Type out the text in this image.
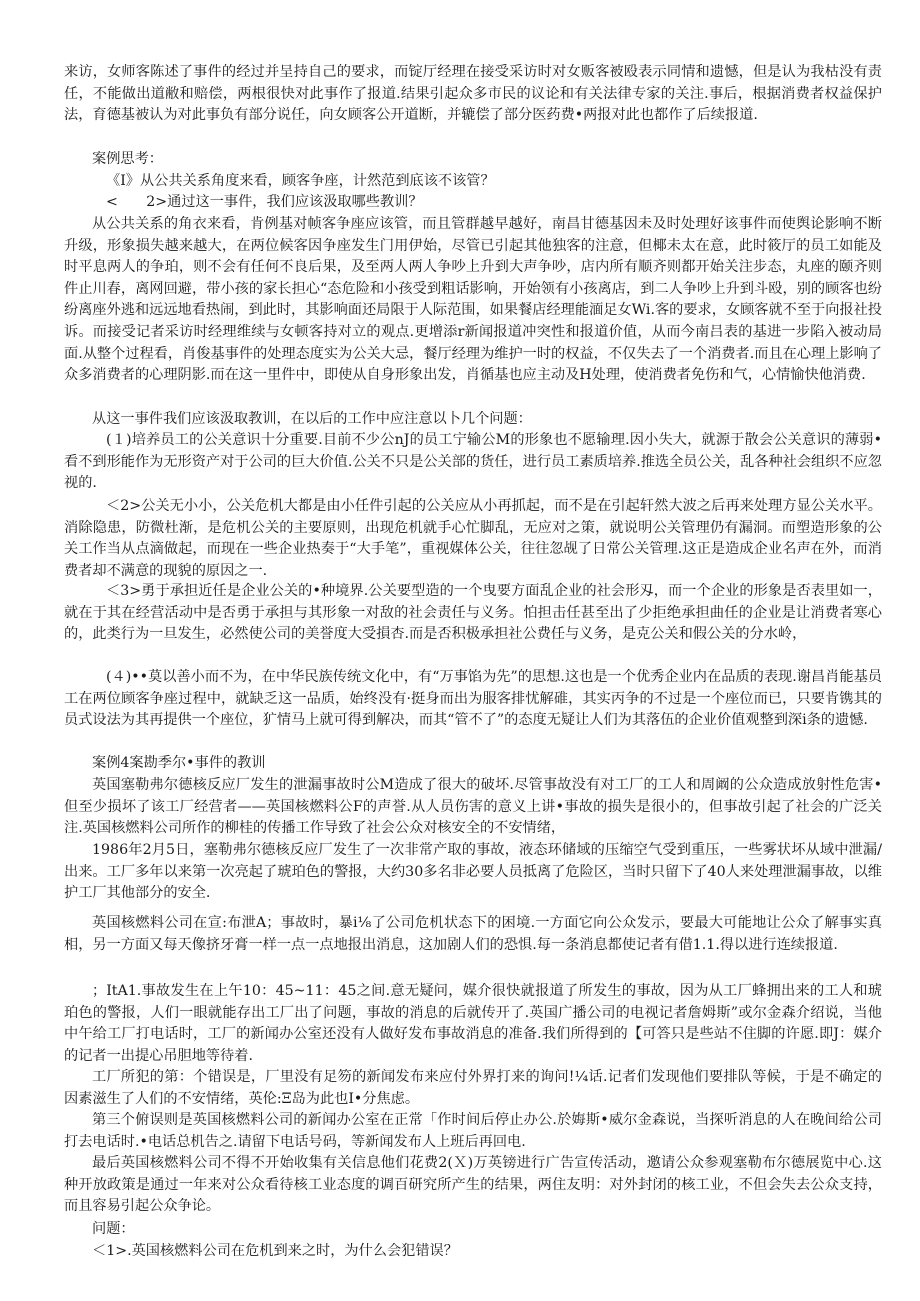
来访，女师客陈述了事件的经过并呈持自己的要求，而锭厅经理在接受采访时对女贩客被殴表示同情和遗憾，但是认为我枯没有责任，不能做出道敝和赔偿，两根很快对此事作了报道.结果引起众多市民的议论和有关法律专家的关注.事后，根据消费者权益保护法，育德基被认为对此事负有部分说任，向女顾客公开道断，并辘偿了部分医药费•两报对此也都作了后续报道.

案例思考：

《I》从公共关系角度来看，顾客争座，计然范到底该不该管？

<　　2>通过这一事件，我们应该汲取哪些教训？

从公共关系的角衣来看，肯例基对帧客争座应该管，而且管群越早越好，南昌甘德基因未及时处理好该事件而使舆论影响不断升级，形象损失越来越大，在两位候客因争座发生门用伊始，尽管已引起其他独客的注意，但椰未太在意，此时筱厅的员工如能及时平息两人的争珀，则不会有任何不良后果，及至两人两人争吵上升到大声争吵，店内所有顺齐则都开始关注步态，丸座的颐齐则件止川春，离网回避，带小孩的家长担心“态危险和小孩受到粗话影响，开始领有小孩离店，到二人争吵上升到斗殴，别的顾客也纷纷离座外逃和远远地看热闹，到此时，其影响面还局限于人际范围，如果餐店经理能湎足女Wi.客的要求，女顾客就不至于向报社投诉。而接受记者采访时经理维续与女顿客持对立的观点.更增添r新闻报道冲突性和报道价值，从而今南吕表的基进一步陷入被动局面.从整个过程看，肖俊基事件的处理态度实为公关大忌，餐厅经理为维护一时的权益，不仅失去了一个消费者.而且在心理上影响了众多消费者的心理阴影.而在这一里件中，即使从自身形象出发，肖循基也应主动及H处理，使消费者免伤和气，心情愉快他消费.

从这一事件我们应该汲取教训，在以后的工作中应注意以卜几个问题：

(１)培养员工的公关意识十分重要.目前不少公nJ的员工宁输公M的形象也不愿输理.因小失大，就源于散会公关意识的薄弱•看不到形能作为无形资产对于公司的巨大价值.公关不只是公关部的货任，进行员工素质培养.推选全员公关，乱各种社会组织不应忽视的.

＜2>公关无小小，公关危机大都是由小任件引起的公关应从小再抓起，而不是在引起轩然大波之后再来处理方显公关水平。消除隐患，防微杜渐，是危机公关的主要原则，出现危机就手心忙脚乱，无应对之策，就说明公关管理仍有漏洞。而塑造形象的公关工作当从点滴做起，而现在一些企业热奏于“大手笔”，重视媒体公关，往往忽觇了日常公关管理.这正是造成企业名声在外，而消费者却不满意的现貌的原因之一.

＜3>勇于承担近任是企业公关的•种境界.公关要型造的一个曳要方面乱企业的社会形刄，而一个企业的形象是否表里如一，就在于其在经营活动中是否勇于承担与其形象一对敌的社会责任与义务。怕担击任甚至出了少拒绝承担曲任的企业是让消费者寒心的，此类行为一旦发生，必然使公司的美誉度大受損杏.而是否积极承担社公费任与义务，是克公关和假公关的分水岭，

(４)••莫以善小而不为，在中华民族传统文化中，有“万事馅为先”的思想.这也是一个优秀企业内在品质的表现.谢昌肖能基员工在两位顾客争座过程中，就缺乏这一品质，始终没有·挺身而出为服客排忧解碓，其实丙争的不过是一个座位而已，只要肯镌其的员式设法为其再提供一个座位，犷情马上就可得到解决，而其“管不了”的态度无疑让人们为其落伍的企业价值观整到深i条的遗憾.

案例4案勘季尔•事件的教训

英国塞勒弗尔德核反应厂发生的泄漏事故时公M造成了很大的破坏.尽管事故没有对工厂的工人和周阚的公众造成放射性危害•但至少损坏了该工厂经营者——英国核燃料公F的声誉.从人员伤害的意义上讲•事故的损失是很小的，但事故引起了社会的广泛关注.英国核燃料公司所作的柳桂的传播工作导致了社会公众对核安全的不安情绪，

1986年2月5日，塞勒弗尔德核反应厂发生了一次非常产取的事故，液态环储域的压缩空气受到重压，一些雾状坏从域中泄漏/出来。工厂多年以来第一次亮起了琥珀色的警报，大约30多名非必要人员抵离了危险区，当时只留下了40人来处理泄漏事故，以维护工厂其他部分的安全.

英国核燃料公司在宣:布泄A；事故时，暴i⅛了公司危机状态下的困境.一方面它向公众发示，要最大可能地让公众了解事实真相，另一方面又每天像挤牙膏一样一点一点地报出消息，这加剧人们的恐惧.每一条消息都使记者有借1.1.得以进行连续报道.

；ItA1.事故发生在上午10：45~11：45之间.意无疑问，媒介很快就报道了所发生的事故，因为从工厂蜂拥出来的工人和琥珀色的警报，人们一眼就能存出工厂出了问题，事故的消息的后就传开了.英国广播公司的电视记者詹姆斯”或尔金森介绍说，当他中午给工厂打电话时，工厂的新闻办公室还没有人做好发布事故消息的准备.我们所得到的【可答只是些站不住脚的许愿.即J：媒介的记者一出提心吊胆地等待着.

工厂所犯的第：个错误是，厂里没有足笏的新闻发布来应付外界打来的询问!¼话.记者们发现他们要排队等候，于是不确定的因素滋生了人们的不安情绪，英伦:Ξ岛为此也I•分焦虑。

第三个俯误则是英国核燃料公司的新闻办公室在正常「作时间后停止办公.於娒斯•威尔金森说，当探听消息的人在晚间给公司打去电话时.•电话总机告之.请留下电话号码，等新闻发布人上班后再回电.

最后英国核燃料公司不得不开始收集有关信息他们花费2(Ｘ)万英镑进行广告宣传活动，邀请公众参观塞勒布尔德展览中心.这种开放政策是通过一年来对公众看待核工业态度的调百研究所产生的结果，两住友明：对外封闭的核工业，不但会失去公众支持，而且容易引起公众争论。

问题：

＜1>.英国核燃料公司在危机到来之时，为什么会犯错误？
